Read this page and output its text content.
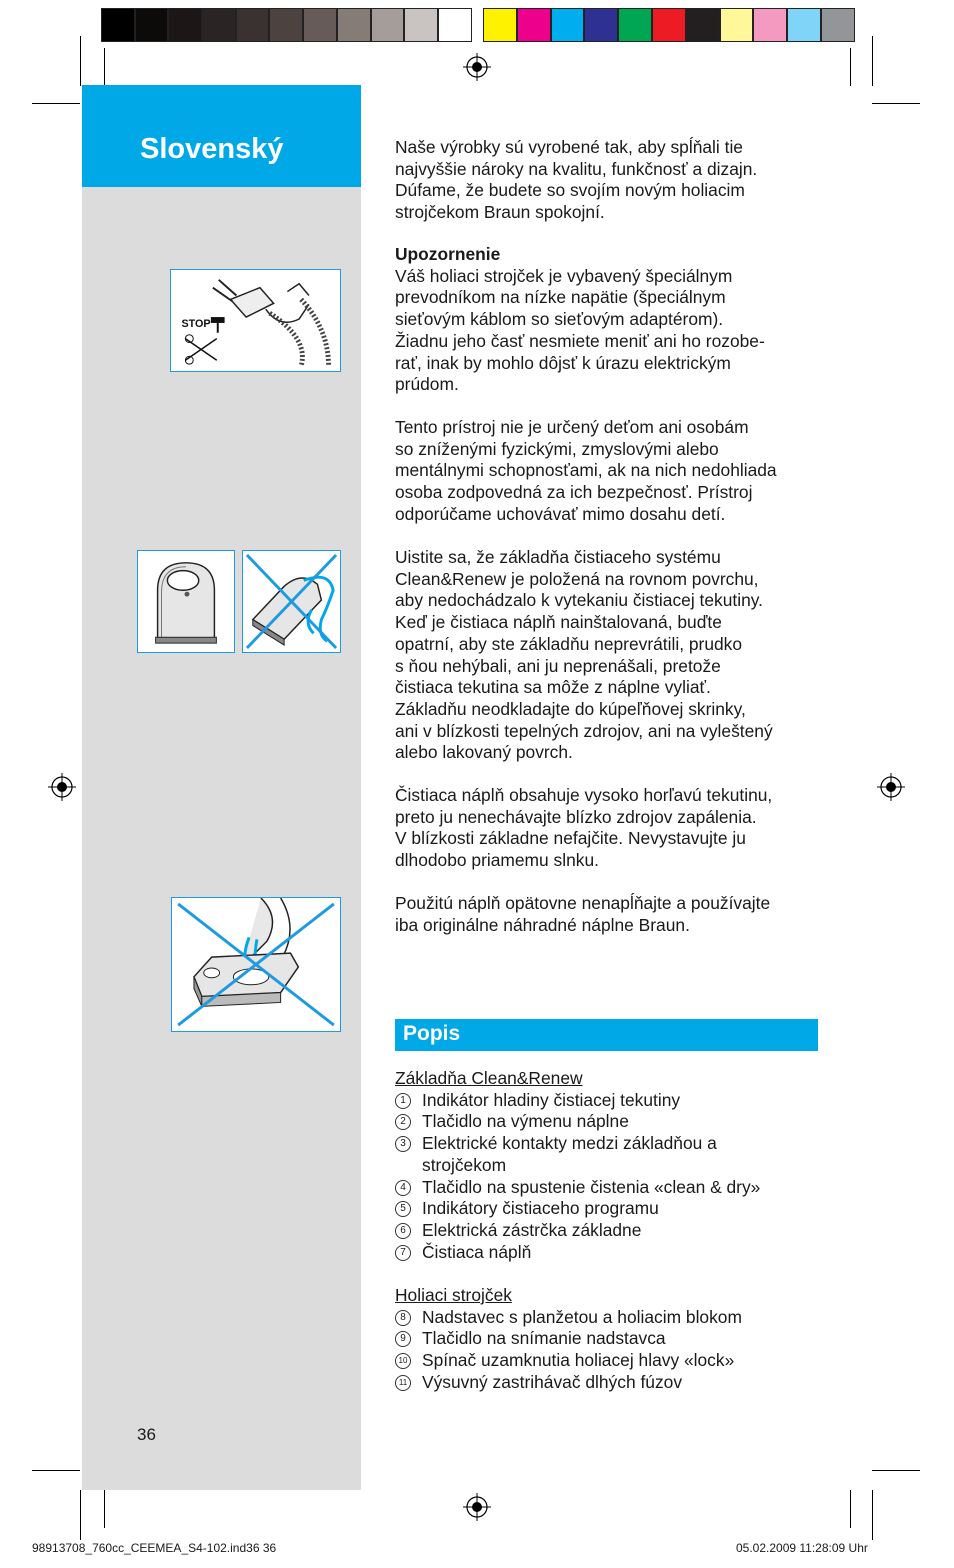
Slovenský
STOP

Naše výrobky sú vyrobené tak, aby spĺňali tie

najvyššie nároky na kvalitu, funkčnosť a dizajn.

Dúfame, že budete so svojím novým holiacim

strojčekom Braun spokojní.

Upozornenie

Váš holiaci strojček je vybavený špeciálnym

prevodníkom na nízke napätie (špeciálnym

sieťovým káblom so sieťovým adaptérom).

Žiadnu jeho časť nesmiete meniť ani ho rozobe-

rať, inak by mohlo dôjsť k úrazu elektrickým

prúdom.

Tento prístroj nie je určený deťom ani osobám

so zníženými fyzickými, zmyslovými alebo

mentálnymi schopnosťami, ak na nich nedohliada

osoba zodpovedná za ich bezpečnosť. Prístroj

odporúčame uchovávať mimo dosahu detí.

Uistite sa, že základňa čistiaceho systému

Clean&Renew je položená na rovnom povrchu,

aby nedochádzalo k vytekaniu čistiacej tekutiny.

Keď je čistiaca náplň nainštalovaná, buďte

opatrní, aby ste základňu neprevrátili, prudko

s ňou nehýbali, ani ju neprenášali, pretože

čistiaca tekutina sa môže z náplne vyliať.

Základňu neodkladajte do kúpeľňovej skrinky,

ani v blízkosti tepelných zdrojov, ani na vyleštený

alebo lakovaný povrch.

Čistiaca náplň obsahuje vysoko horľavú tekutinu,

preto ju nenechávajte blízko zdrojov zapálenia.

V blízkosti základne nefajčite. Nevystavujte ju

dlhodobo priamemu slnku.

Použitú náplň opätovne nenapĺňajte a používajte

iba originálne náhradné náplne Braun.

Popis

Základňa Clean&Renew

1 Indikátor hladiny čistiacej tekutiny
2 Tlačidlo na výmenu náplne
3 Elektrické kontakty medzi základňou a strojčekom
4 Tlačidlo na spustenie čistenia «clean & dry»
5 Indikátory čistiaceho programu
6 Elektrická zástrčka základne
7 Čistiaca náplň

Holiaci strojček

8 Nadstavec s planžetou a holiacim blokom
9 Tlačidlo na snímanie nadstavca
10 Spínač uzamknutia holiacej hlavy «lock»
11 Výsuvný zastrihávač dlhých fúzov
36
98913708_760cc_CEEMEA_S4-102.ind36 36	05.02.2009 11:28:09 Uhr
